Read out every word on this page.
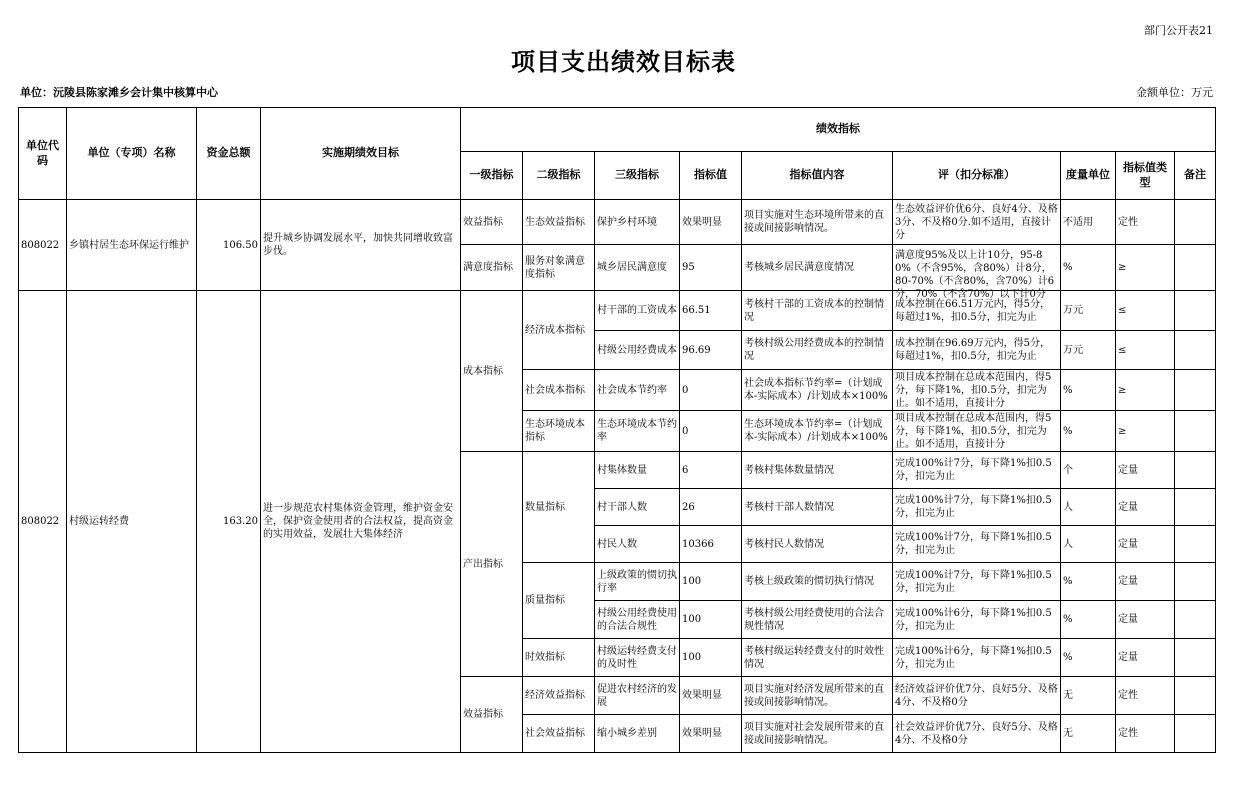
部门公开表21
项目支出绩效目标表
单位：沅陵县陈家滩乡会计集中核算中心	金额单位：万元
单位代码	单位（专项）名称	资金总额	实施期绩效目标	绩效指标								
				一级指标	二级指标	三级指标	指标值	指标值内容	评（扣分标准）	度量单位	指标值类型	备注
808022	乡镇村居生态环保运行维护	106.50	提升城乡协调发展水平，加快共同增收致富步伐。	效益指标	生态效益指标	保护乡村环境	效果明显	项目实施对生态环境所带来的直接或间接影响情况。	生态效益评价优6分、良好4分、及格3分、不及格0分.如不适用，直接计分	不适用	定性	
				满意度指标	服务对象满意度指标	城乡居民满意度	95	考核城乡居民满意度情况	满意度95%及以上计10分，95-80%（不含95%，含80%）计8分，80-70%（不含80%，含70%）计6分，70%（不含70%）以下计0分	%	≥	
808022	村级运转经费	163.20	进一步规范农村集体资金管理，维护资金安全，保护资金使用者的合法权益，提高资金的实用效益，发展壮大集体经济	成本指标	经济成本指标	村干部的工资成本	66.51	考核村干部的工资成本的控制情况	成本控制在66.51万元内，得5分，每超过1%，扣0.5分，扣完为止	万元	≤	
						村级公用经费成本	96.69	考核村级公用经费成本的控制情况	成本控制在96.69万元内，得5分，每超过1%，扣0.5分，扣完为止	万元	≤	
					社会成本指标	社会成本节约率	0	社会成本指标节约率=（计划成本-实际成本）/计划成本×100%	项目成本控制在总成本范围内，得5分，每下降1%，扣0.5分，扣完为止。如不适用，直接计分	%	≥	
					生态环境成本指标	生态环境成本节约率	0	生态环境成本节约率=（计划成本-实际成本）/计划成本×100%	项目成本控制在总成本范围内，得5分，每下降1%，扣0.5分，扣完为止。如不适用，直接计分	%	≥	
				产出指标	数量指标	村集体数量	6	考核村集体数量情况	完成100%计7分，每下降1%扣0.5分，扣完为止	个	定量	
						村干部人数	26	考核村干部人数情况	完成100%计7分，每下降1%扣0.5分，扣完为止	人	定量	
						村民人数	10366	考核村民人数情况	完成100%计7分，每下降1%扣0.5分，扣完为止	人	定量	
					质量指标	上级政策的惯切执行率	100	考核上级政策的惯切执行情况	完成100%计7分，每下降1%扣0.5分，扣完为止	%	定量	
						村级公用经费使用的合法合规性	100	考核村级公用经费使用的合法合规性情况	完成100%计6分，每下降1%扣0.5分，扣完为止	%	定量	
					时效指标	村级运转经费支付的及时性	100	考核村级运转经费支付的时效性情况	完成100%计6分，每下降1%扣0.5分，扣完为止	%	定量	
				效益指标	经济效益指标	促进农村经济的发展	效果明显	项目实施对经济发展所带来的直接或间接影响情况。	经济效益评价优7分、良好5分、及格4分、不及格0分	无	定性	
					社会效益指标	缩小城乡差别	效果明显	项目实施对社会发展所带来的直接或间接影响情况。	社会效益评价优7分、良好5分、及格4分、不及格0分	无	定性	
